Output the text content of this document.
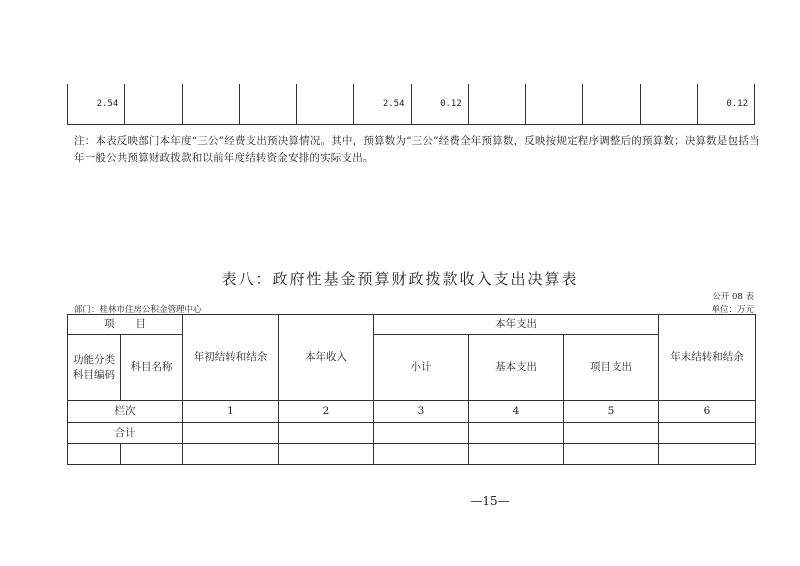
2.54					2.54	0.12					0.12
注：本表反映部门本年度“三公”经费支出预决算情况。其中，预算数为“三公”经费全年预算数，反映按规定程序调整后的预算数；决算数是包括当年一般公共预算财政拨款和以前年度结转资金安排的实际支出。
表八：政府性基金预算财政拨款收入支出决算表
公开 08 表
单位：万元
部门：桂林市住房公积金管理中心
项　　目		年初结转和结余	本年收入	本年支出			年末结转和结余
功能分类科目编码	科目名称			小计	基本支出	项目支出	
栏次		1	2	3	4	5	6
合计							

—15—
